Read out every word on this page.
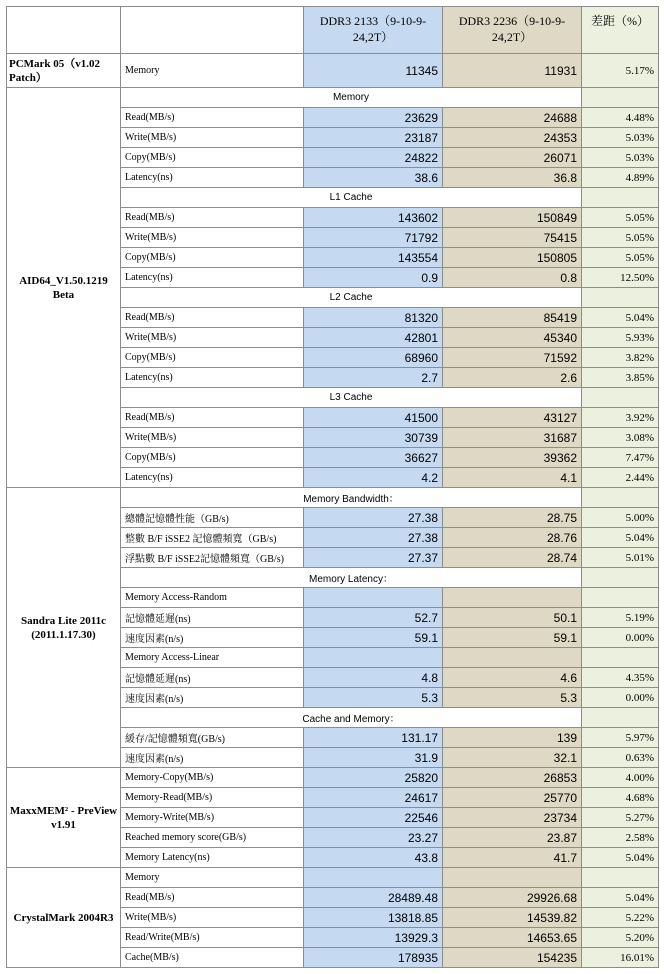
		DDR3 2133（9-10-9-24,2T）	DDR3 2236（9-10-9-24,2T）	差距（%）
PCMark 05（v1.02 Patch）	Memory	11345	11931	5.17%
AID64_V1.50.1219 Beta	Memory			
	Read(MB/s)	23629	24688	4.48%
	Write(MB/s)	23187	24353	5.03%
	Copy(MB/s)	24822	26071	5.03%
	Latency(ns)	38.6	36.8	4.89%
	L1 Cache			
	Read(MB/s)	143602	150849	5.05%
	Write(MB/s)	71792	75415	5.05%
	Copy(MB/s)	143554	150805	5.05%
	Latency(ns)	0.9	0.8	12.50%
	L2 Cache			
	Read(MB/s)	81320	85419	5.04%
	Write(MB/s)	42801	45340	5.93%
	Copy(MB/s)	68960	71592	3.82%
	Latency(ns)	2.7	2.6	3.85%
	L3 Cache			
	Read(MB/s)	41500	43127	3.92%
	Write(MB/s)	30739	31687	3.08%
	Copy(MB/s)	36627	39362	7.47%
	Latency(ns)	4.2	4.1	2.44%
Sandra Lite 2011c (2011.1.17.30)	Memory Bandwidth：			
	總體記憶體性能（GB/s)	27.38	28.75	5.00%
	整數 B/F iSSE2 記憶體頻寬（GB/s)	27.38	28.76	5.04%
	浮點數 B/F iSSE2記憶體頻寬（GB/s)	27.37	28.74	5.01%
	Memory Latency：			
	Memory Access-Random			
	記憶體延遲(ns)	52.7	50.1	5.19%
	速度因素(n/s)	59.1	59.1	0.00%
	Memory Access-Linear			
	記憶體延遲(ns)	4.8	4.6	4.35%
	速度因素(n/s)	5.3	5.3	0.00%
	Cache and Memory：			
	緩存/記憶體頻寬(GB/s)	131.17	139	5.97%
	速度因素(n/s)	31.9	32.1	0.63%
MaxxMEM² - PreView v1.91	Memory-Copy(MB/s)	25820	26853	4.00%
	Memory-Read(MB/s)	24617	25770	4.68%
	Memory-Write(MB/s)	22546	23734	5.27%
	Reached memory score(GB/s)	23.27	23.87	2.58%
	Memory Latency(ns)	43.8	41.7	5.04%
CrystalMark 2004R3	Memory			
	Read(MB/s)	28489.48	29926.68	5.04%
	Write(MB/s)	13818.85	14539.82	5.22%
	Read/Write(MB/s)	13929.3	14653.65	5.20%
	Cache(MB/s)	178935	154235	16.01%
